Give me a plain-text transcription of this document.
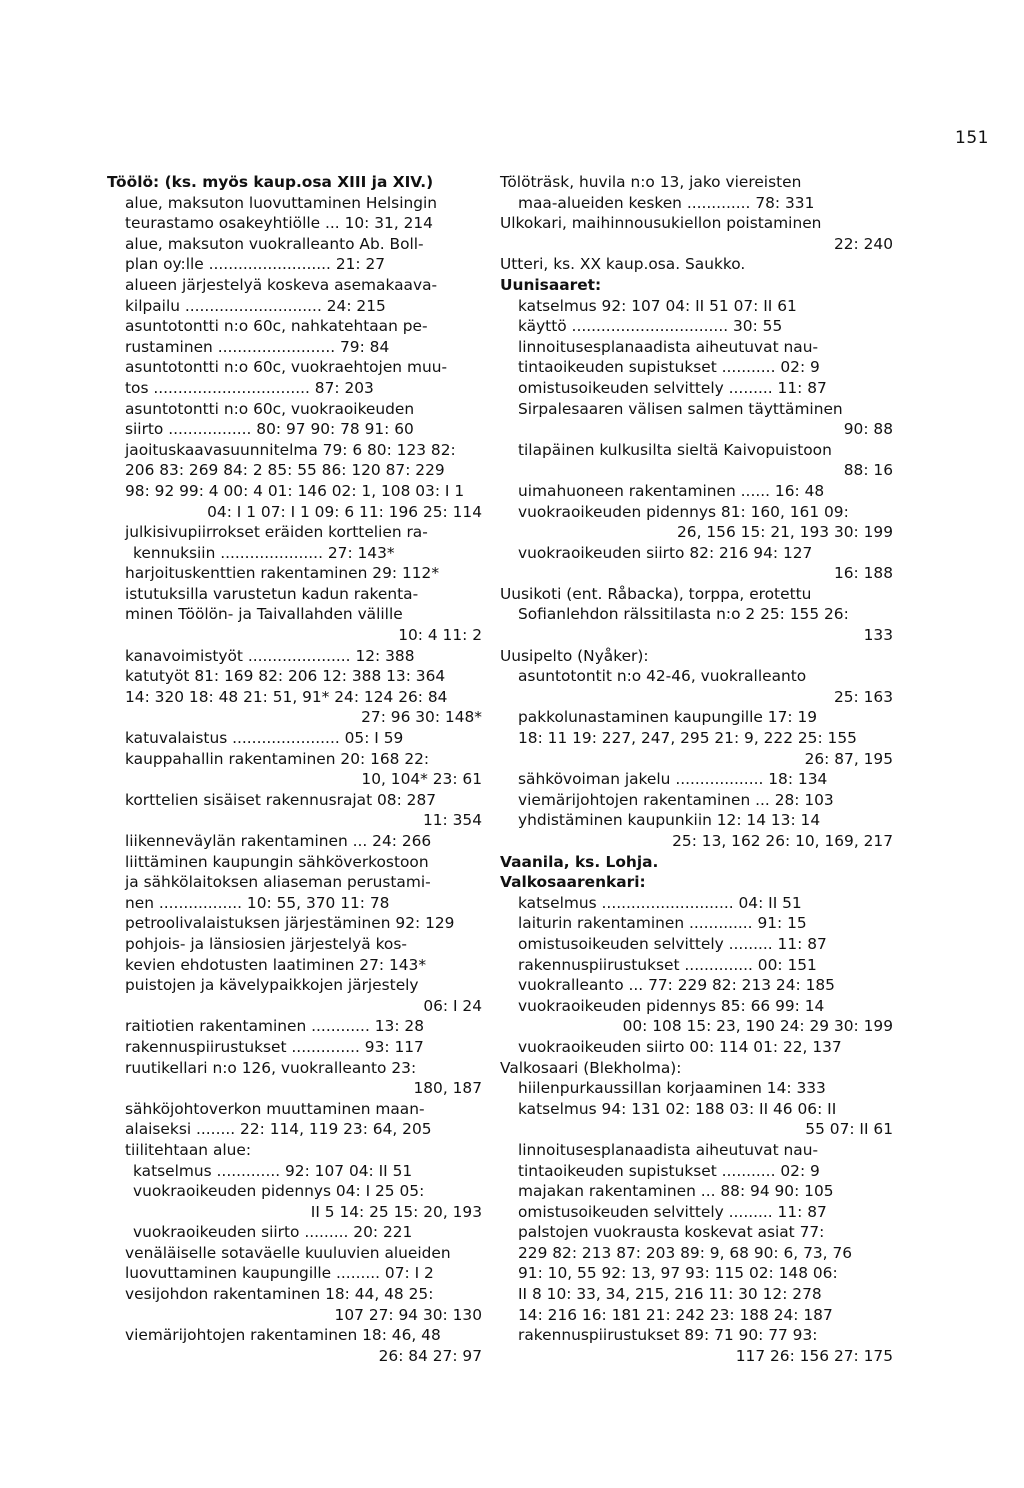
151
Töölö: (ks. myös kaup.osa XIII ja XIV.)
alue, maksuton luovuttaminen Helsingin
teurastamo osakeyhtiölle ... 10: 31, 214
alue, maksuton vuokralleanto Ab. Boll-
plan oy:lle ......................... 21: 27
alueen järjestelyä koskeva asemakaava-
kilpailu ............................ 24: 215
asuntotontti n:o 60c, nahkatehtaan pe-
rustaminen ........................ 79: 84
asuntotontti n:o 60c, vuokraehtojen muu-
tos ................................ 87: 203
asuntotontti n:o 60c, vuokraoikeuden
siirto ................. 80: 97 90: 78 91: 60
jaoituskaavasuunnitelma 79: 6 80: 123 82:
206 83: 269 84: 2 85: 55 86: 120 87: 229
98: 92 99: 4 00: 4 01: 146 02: 1, 108 03: I 1
04: I 1 07: I 1 09: 6 11: 196 25: 114
julkisivupiirrokset eräiden korttelien ra-
kennuksiin ..................... 27: 143*
harjoituskenttien rakentaminen 29: 112*
istutuksilla varustetun kadun rakenta-
minen Töölön- ja Taivallahden välille
10: 4 11: 2
kanavoimistyöt ..................... 12: 388
katutyöt 81: 169 82: 206 12: 388 13: 364
14: 320 18: 48 21: 51, 91* 24: 124 26: 84
27: 96 30: 148*
katuvalaistus ...................... 05: I 59
kauppahallin rakentaminen 20: 168 22:
10, 104* 23: 61
korttelien sisäiset rakennusrajat 08: 287
11: 354
liikenneväylän rakentaminen ... 24: 266
liittäminen kaupungin sähköverkostoon
ja sähkölaitoksen aliaseman perustami-
nen ................. 10: 55, 370 11: 78
petroolivalaistuksen järjestäminen 92: 129
pohjois- ja länsiosien järjestelyä kos-
kevien ehdotusten laatiminen 27: 143*
puistojen ja kävelypaikkojen järjestely
06: I 24
raitiotien rakentaminen ............ 13: 28
rakennuspiirustukset .............. 93: 117
ruutikellari n:o 126, vuokralleanto 23:
180, 187
sähköjohtoverkon muuttaminen maan-
alaiseksi ........ 22: 114, 119 23: 64, 205
tiilitehtaan alue:
katselmus ............. 92: 107 04: II 51
vuokraoikeuden pidennys 04: I 25 05:
II 5 14: 25 15: 20, 193
vuokraoikeuden siirto ......... 20: 221
venäläiselle sotaväelle kuuluvien alueiden
luovuttaminen kaupungille ......... 07: I 2
vesijohdon rakentaminen 18: 44, 48 25:
107 27: 94 30: 130
viemärijohtojen rakentaminen 18: 46, 48
26: 84 27: 97
Tölöträsk, huvila n:o 13, jako viereisten
maa-alueiden kesken ............. 78: 331
Ulkokari, maihinnousukiellon poistaminen
22: 240
Utteri, ks. XX kaup.osa. Saukko.
Uunisaaret:
katselmus 92: 107 04: II 51 07: II 61
käyttö ................................ 30: 55
linnoitusesplanaadista aiheutuvat nau-
tintaoikeuden supistukset ........... 02: 9
omistusoikeuden selvittely ......... 11: 87
Sirpalesaaren välisen salmen täyttäminen
90: 88
tilapäinen kulkusilta sieltä Kaivopuistoon
88: 16
uimahuoneen rakentaminen ...... 16: 48
vuokraoikeuden pidennys 81: 160, 161 09:
26, 156 15: 21, 193 30: 199
vuokraoikeuden siirto 82: 216 94: 127
16: 188
Uusikoti (ent. Råbacka), torppa, erotettu
Sofianlehdon rälssitilasta n:o 2 25: 155 26:
133
Uusipelto (Nyåker):
asuntotontit n:o 42-46, vuokralleanto
25: 163
pakkolunastaminen kaupungille 17: 19
18: 11 19: 227, 247, 295 21: 9, 222 25: 155
26: 87, 195
sähkövoiman jakelu .................. 18: 134
viemärijohtojen rakentaminen ... 28: 103
yhdistäminen kaupunkiin 12: 14 13: 14
25: 13, 162 26: 10, 169, 217
Vaanila, ks. Lohja.
Valkosaarenkari:
katselmus ........................... 04: II 51
laiturin rakentaminen ............. 91: 15
omistusoikeuden selvittely ......... 11: 87
rakennuspiirustukset .............. 00: 151
vuokralleanto ... 77: 229 82: 213 24: 185
vuokraoikeuden pidennys 85: 66 99: 14
00: 108 15: 23, 190 24: 29 30: 199
vuokraoikeuden siirto 00: 114 01: 22, 137
Valkosaari (Blekholma):
hiilenpurkaussillan korjaaminen 14: 333
katselmus 94: 131 02: 188 03: II 46 06: II
55 07: II 61
linnoitusesplanaadista aiheutuvat nau-
tintaoikeuden supistukset ........... 02: 9
majakan rakentaminen ... 88: 94 90: 105
omistusoikeuden selvittely ......... 11: 87
palstojen vuokrausta koskevat asiat 77:
229 82: 213 87: 203 89: 9, 68 90: 6, 73, 76
91: 10, 55 92: 13, 97 93: 115 02: 148 06:
II 8 10: 33, 34, 215, 216 11: 30 12: 278
14: 216 16: 181 21: 242 23: 188 24: 187
rakennuspiirustukset 89: 71 90: 77 93:
117 26: 156 27: 175
